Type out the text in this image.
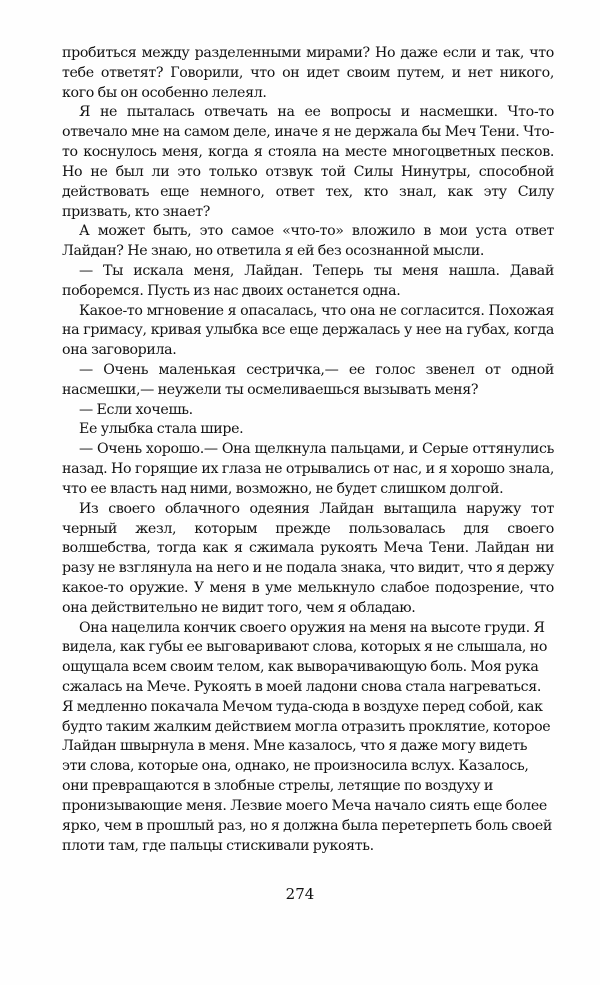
пробиться между разделенными мирами? Но даже если и так, что тебе ответят? Говорили, что он идет своим путем, и нет никого, кого бы он особенно лелеял.

Я не пыталась отвечать на ее вопросы и насмешки. Что-то отвечало мне на самом деле, иначе я не держала бы Меч Тени. Что-то коснулось меня, когда я стояла на месте многоцветных песков. Но не был ли это только отзвук той Силы Нинутры, способной действовать еще немного, ответ тех, кто знал, как эту Силу призвать, кто знает?

А может быть, это самое «что-то» вложило в мои уста ответ Лайдан? Не знаю, но ответила я ей без осознанной мысли.

— Ты искала меня, Лайдан. Теперь ты меня нашла. Давай поборемся. Пусть из нас двоих останется одна.

Какое-то мгновение я опасалась, что она не согласится. Похожая на гримасу, кривая улыбка все еще держалась у нее на губах, когда она заговорила.

— Очень маленькая сестричка,— ее голос звенел от одной насмешки,— неужели ты осмеливаешься вызывать меня?

— Если хочешь.

Ее улыбка стала шире.

— Очень хорошо.— Она щелкнула пальцами, и Серые оттянулись назад. Но горящие их глаза не отрывались от нас, и я хорошо знала, что ее власть над ними, возможно, не будет слишком долгой.

Из своего облачного одеяния Лайдан вытащила наружу тот черный жезл, которым прежде пользовалась для своего волшебства, тогда как я сжимала рукоять Меча Тени. Лайдан ни разу не взглянула на него и не подала знака, что видит, что я держу какое-то оружие. У меня в уме мелькнуло слабое подозрение, что она действительно не видит того, чем я обладаю.

Она нацелила кончик своего оружия на меня на высоте груди. Я видела, как губы ее выговаривают слова, которых я не слышала, но ощущала всем своим телом, как выворачивающую боль. Моя рука сжалась на Мече. Рукоять в моей ладони снова стала нагреваться. Я медленно покачала Мечом туда-сюда в воздухе перед собой, как будто таким жалким действием могла отразить проклятие, которое Лайдан швырнула в меня. Мне казалось, что я даже могу видеть эти слова, которые она, однако, не произносила вслух. Казалось, они превращаются в злобные стрелы, летящие по воздуху и пронизывающие меня. Лезвие моего Меча начало сиять еще более ярко, чем в прошлый раз, но я должна была перетерпеть боль своей плоти там, где пальцы стискивали рукоять.

274
